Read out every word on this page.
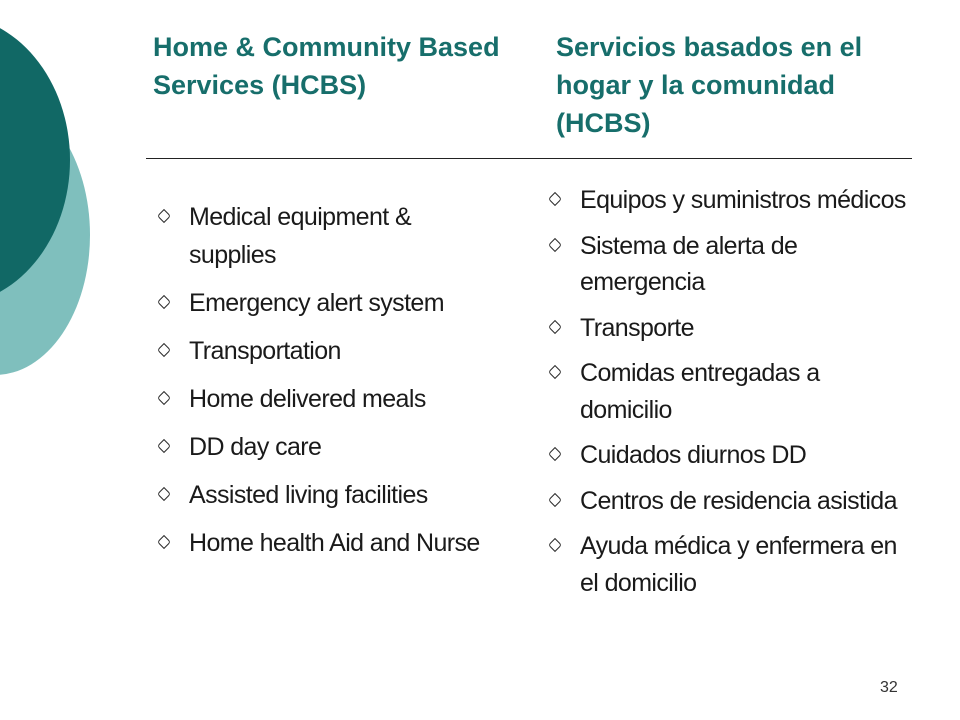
Home & Community Based Services (HCBS)
Servicios basados en el hogar y la comunidad (HCBS)
Medical equipment & supplies
Emergency alert system
Transportation
Home delivered meals
DD day care
Assisted living facilities
Home health Aid and Nurse
Equipos y suministros médicos
Sistema de alerta de emergencia
Transporte
Comidas entregadas a domicilio
Cuidados diurnos DD
Centros de residencia asistida
Ayuda médica y enfermera en el domicilio
32
